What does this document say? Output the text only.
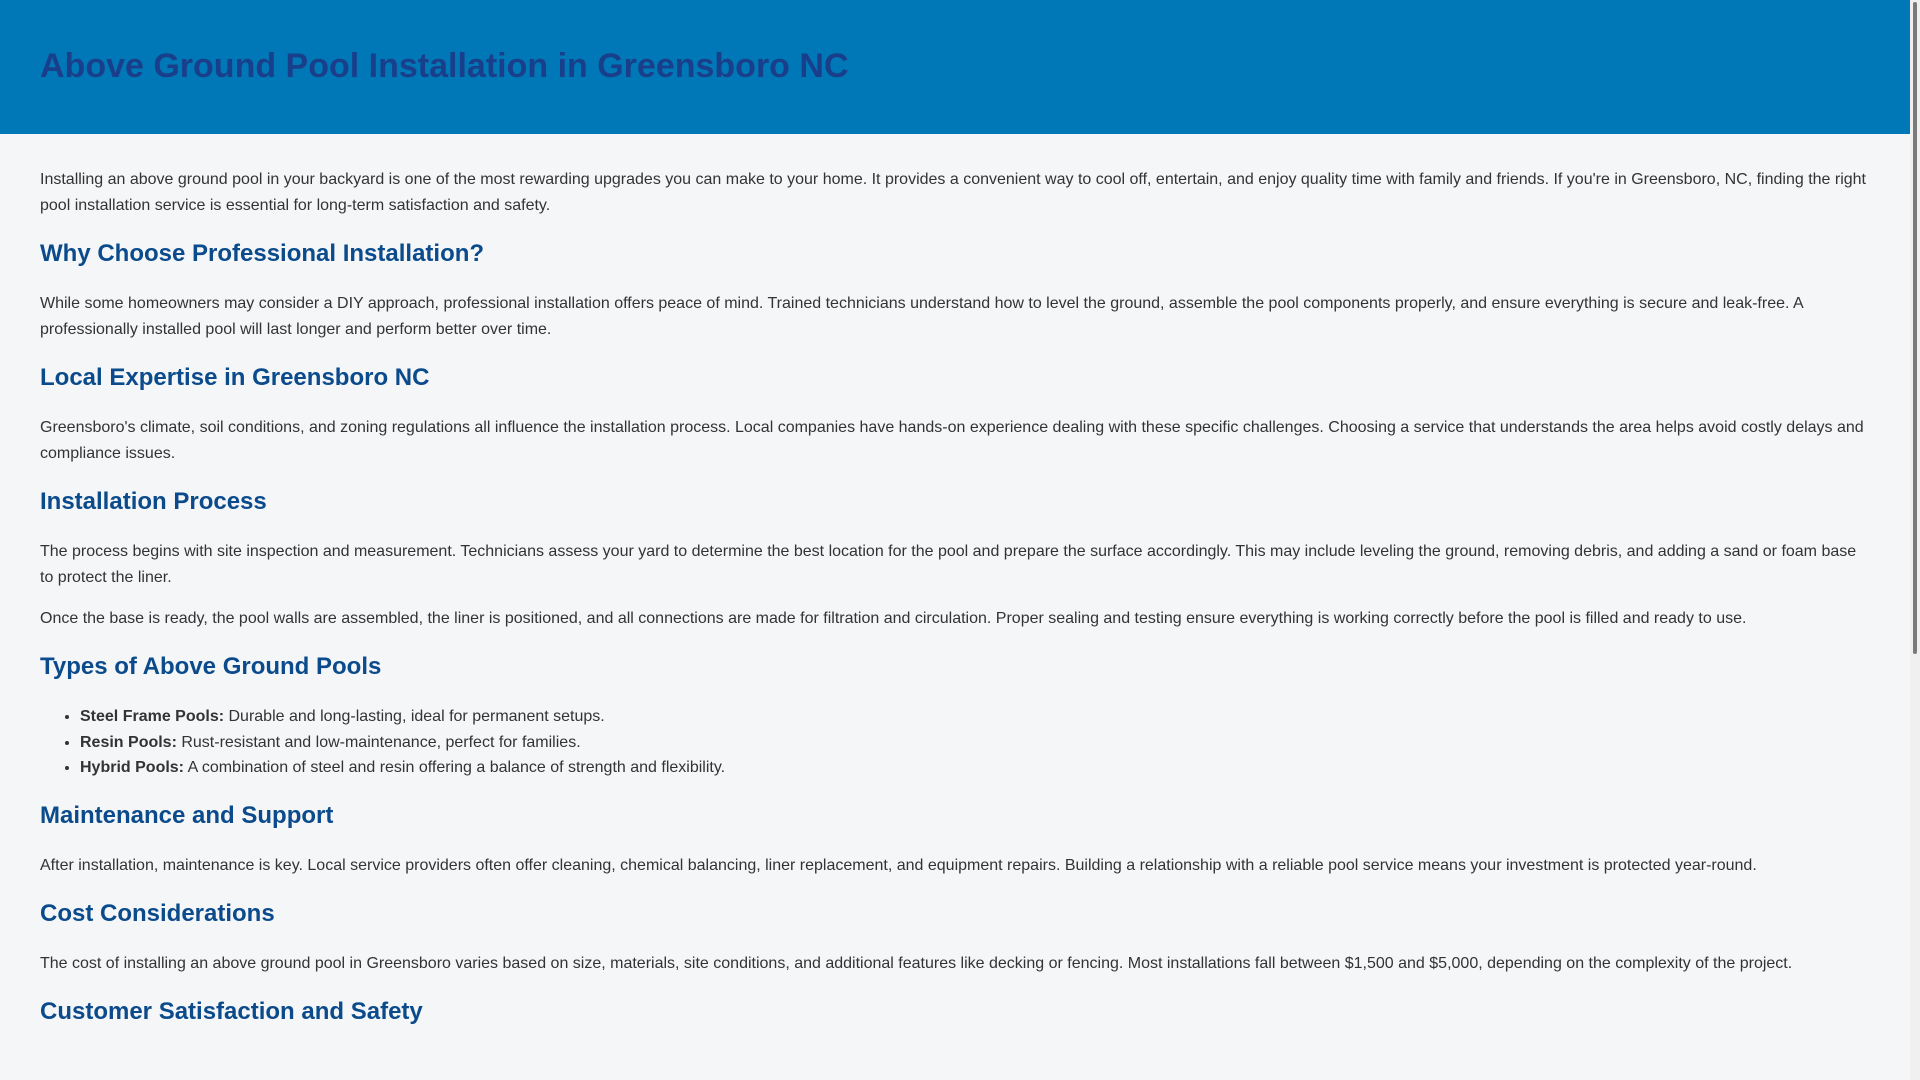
Above Ground Pool Installation in Greensboro NC

Installing an above ground pool in your backyard is one of the most rewarding upgrades you can make to your home. It provides a convenient way to cool off, entertain, and enjoy quality time with family and friends. If you're in Greensboro, NC, finding the right pool installation service is essential for long-term satisfaction and safety.

Why Choose Professional Installation?

While some homeowners may consider a DIY approach, professional installation offers peace of mind. Trained technicians understand how to level the ground, assemble the pool components properly, and ensure everything is secure and leak-free. A professionally installed pool will last longer and perform better over time.

Local Expertise in Greensboro NC

Greensboro's climate, soil conditions, and zoning regulations all influence the installation process. Local companies have hands-on experience dealing with these specific challenges. Choosing a service that understands the area helps avoid costly delays and compliance issues.

Installation Process

The process begins with site inspection and measurement. Technicians assess your yard to determine the best location for the pool and prepare the surface accordingly. This may include leveling the ground, removing debris, and adding a sand or foam base to protect the liner.

Once the base is ready, the pool walls are assembled, the liner is positioned, and all connections are made for filtration and circulation. Proper sealing and testing ensure everything is working correctly before the pool is filled and ready to use.

Types of Above Ground Pools
• Steel Frame Pools: Durable and long-lasting, ideal for permanent setups.
• Resin Pools: Rust-resistant and low-maintenance, perfect for families.
• Hybrid Pools: A combination of steel and resin offering a balance of strength and flexibility.
Maintenance and Support

After installation, maintenance is key. Local service providers often offer cleaning, chemical balancing, liner replacement, and equipment repairs. Building a relationship with a reliable pool service means your investment is protected year-round.

Cost Considerations

The cost of installing an above ground pool in Greensboro varies based on size, materials, site conditions, and additional features like decking or fencing. Most installations fall between $1,500 and $5,000, depending on the complexity of the project.

Customer Satisfaction and Safety
